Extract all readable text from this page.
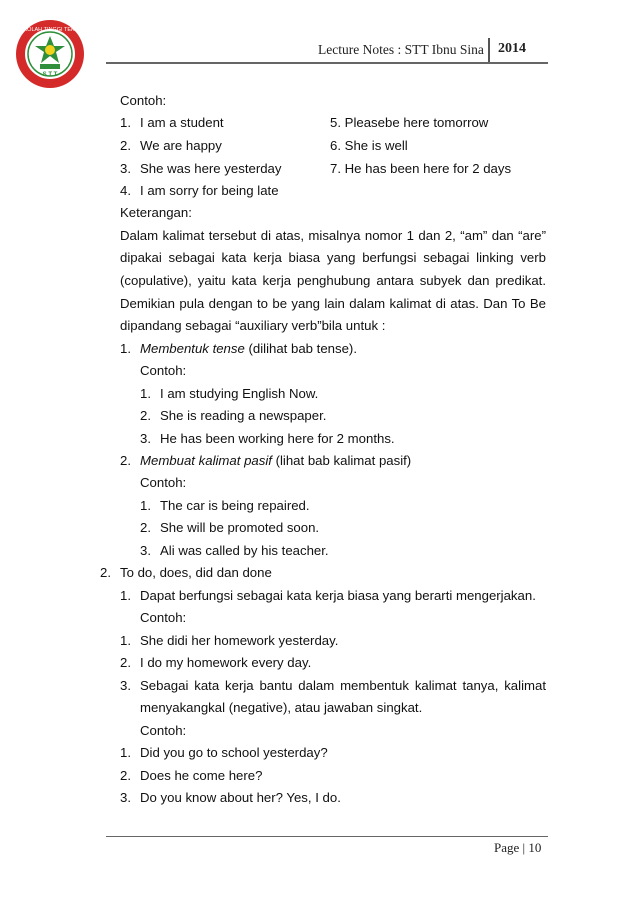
SEKOLAH TINGGI TEKNIK
S T T
IBNU SINA
Lecture Notes : STT Ibnu Sina 2014
Contoh:
1. I am a student	5. Pleasebe here tomorrow
2. We are happy	6. She is well
3. She was here yesterday	7. He has been here for 2 days
4. I am sorry for being late
Keterangan:
Dalam kalimat tersebut di atas, misalnya nomor 1 dan 2, “am” dan “are”
dipakai sebagai kata kerja biasa yang berfungsi sebagai linking verb
(copulative), yaitu kata kerja penghubung antara subyek dan predikat.
Demikian pula dengan to be yang lain dalam kalimat di atas. Dan To Be
dipandang sebagai “auxiliary verb”bila untuk :
1. Membentuk tense (dilihat bab tense).
Contoh:
1. I am studying English Now.
2. She is reading a newspaper.
3. He has been working here for 2 months.
2. Membuat kalimat pasif (lihat bab kalimat pasif)
Contoh:
1. The car is being repaired.
2. She will be promoted soon.
3. Ali was called by his teacher.
2. To do, does, did dan done
1. Dapat berfungsi sebagai kata kerja biasa yang berarti mengerjakan.
Contoh:
1. She didi her homework yesterday.
2. I do my homework every day.
3. Sebagai kata kerja bantu dalam membentuk kalimat tanya, kalimat
menyakangkal (negative), atau jawaban singkat.
Contoh:
1. Did you go to school yesterday?
2. Does he come here?
3. Do you know about her? Yes, I do.
Page | 10
